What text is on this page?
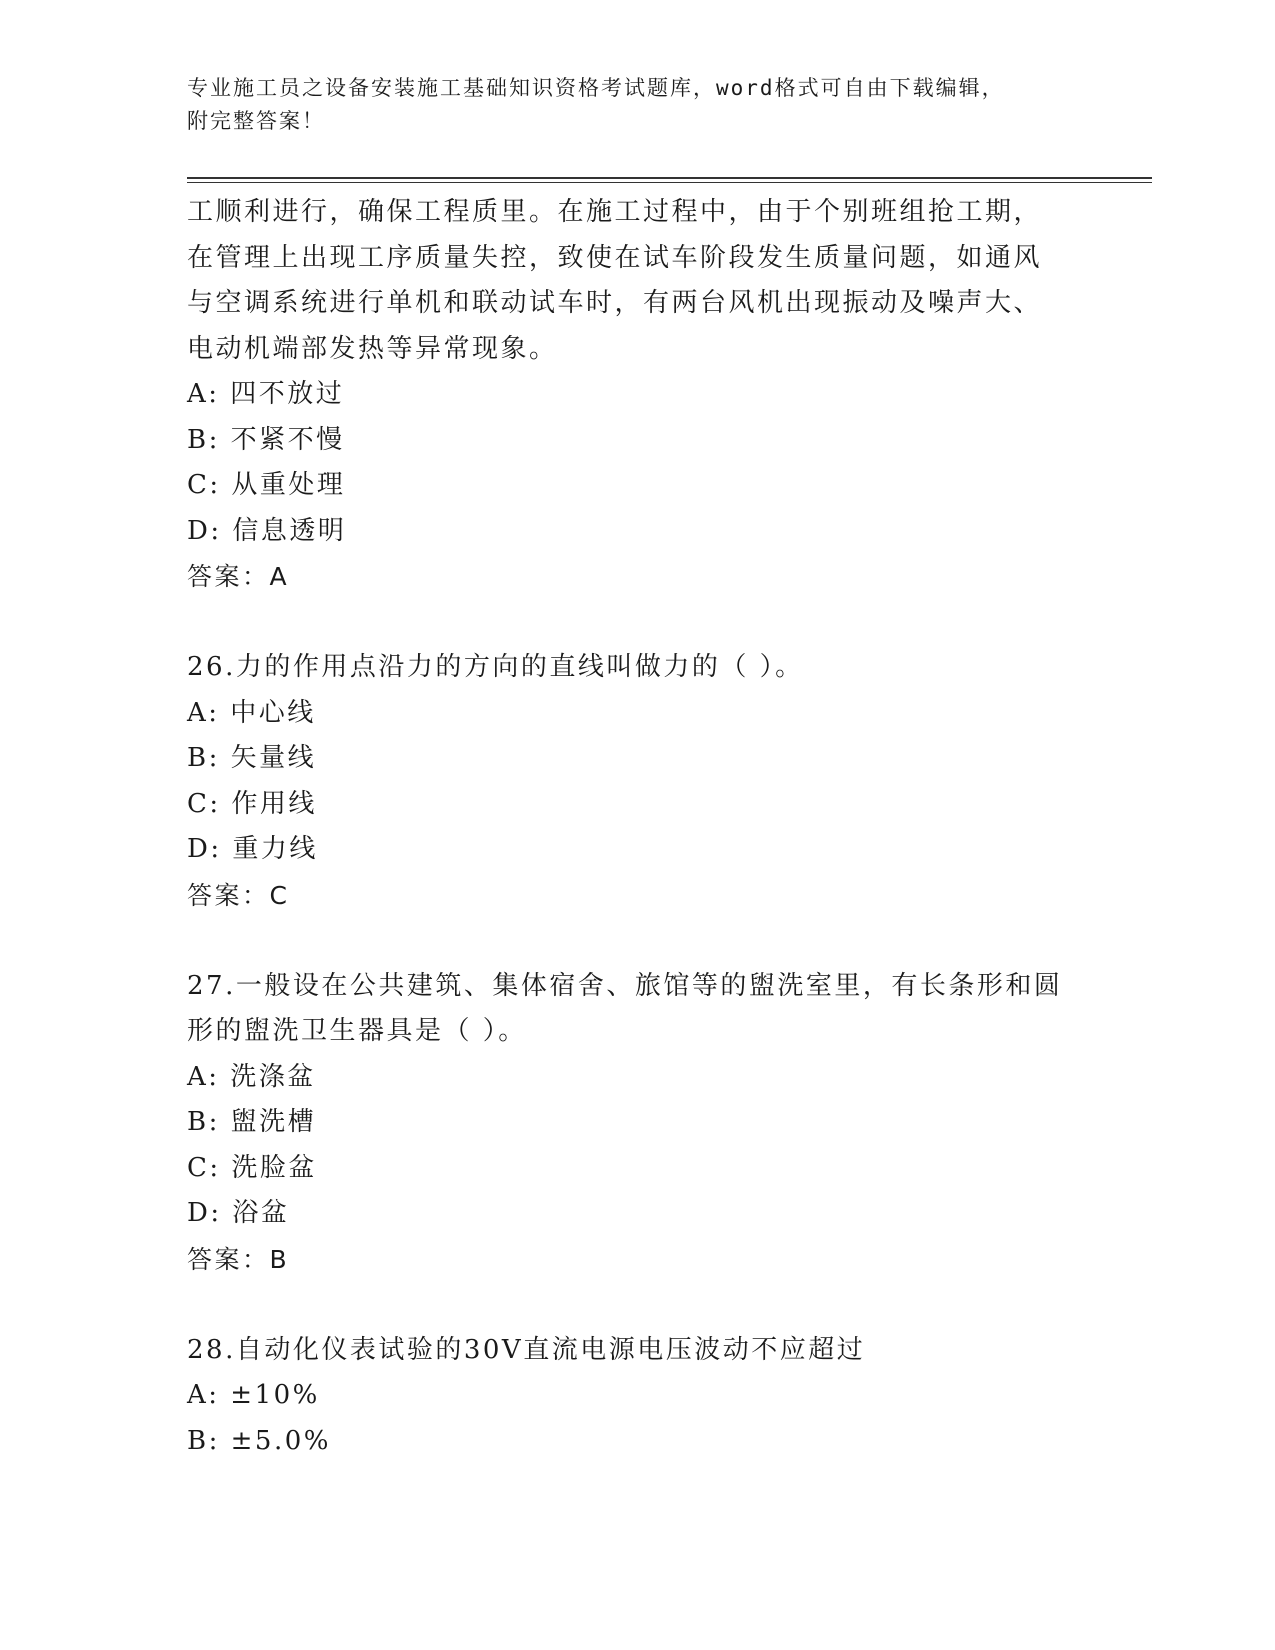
专业施工员之设备安装施工基础知识资格考试题库，word格式可自由下载编辑，
附完整答案！
工顺利进行，确保工程质里。在施工过程中，由于个别班组抢工期，
在管理上出现工序质量失控，致使在试车阶段发生质量问题，如通风
与空调系统进行单机和联动试车时，有两台风机出现振动及噪声大、
电动机端部发热等异常现象。
A: 四不放过
B: 不紧不慢
C: 从重处理
D: 信息透明
答案：A
26.力的作用点沿力的方向的直线叫做力的（ ）。
A: 中心线
B: 矢量线
C: 作用线
D: 重力线
答案：C
27.一般设在公共建筑、集体宿舍、旅馆等的盥洗室里，有长条形和圆
形的盥洗卫生器具是（ ）。
A: 洗涤盆
B: 盥洗槽
C: 洗脸盆
D: 浴盆
答案：B
28.自动化仪表试验的30V直流电源电压波动不应超过
A: ±10%
B: ±5.0%
